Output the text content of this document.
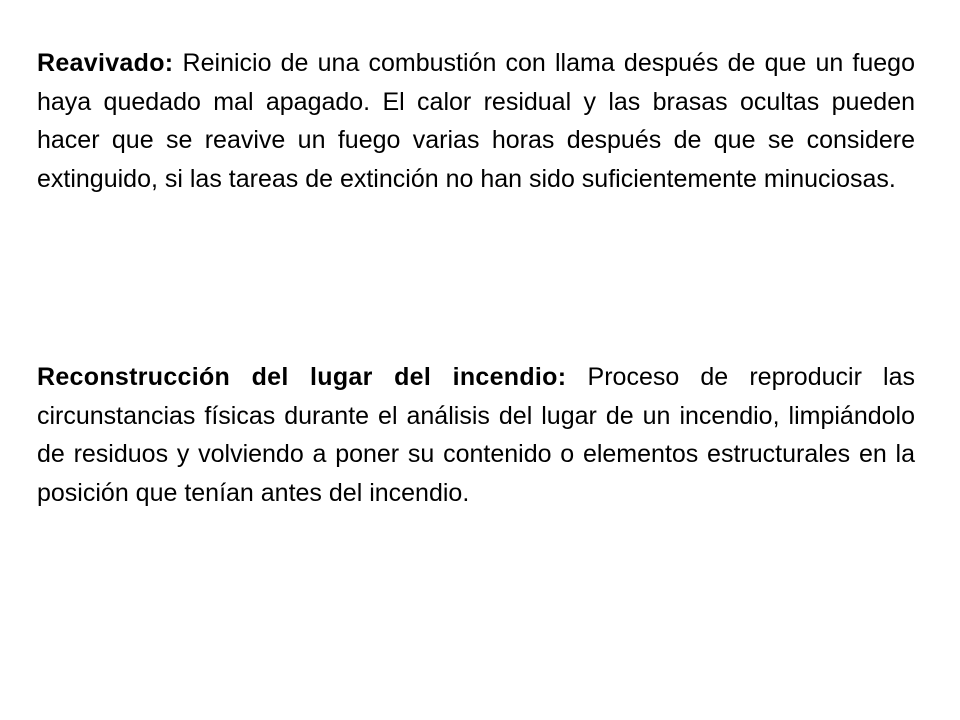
Reavivado: Reinicio de una combustión con llama después de que un fuego haya quedado mal apagado. El calor residual y las brasas ocultas pueden hacer que se reavive un fuego varias horas después de que se considere extinguido, si las tareas de extinción no han sido suficientemente minuciosas.

Reconstrucción del lugar del incendio: Proceso de reproducir las circunstancias físicas durante el análisis del lugar de un incendio, limpiándolo de residuos y volviendo a poner su contenido o elementos estructurales en la posición que tenían antes del incendio.
